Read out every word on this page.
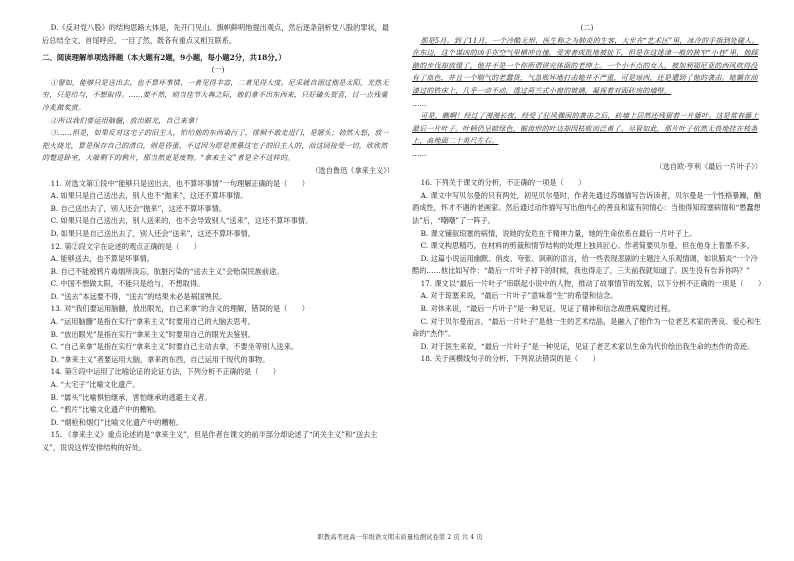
D.《反对党八股》的结构思路大体是，先开门见山、旗帜鲜明地提出观点，然后逐条剖析党八股的罪状，最后总结全文，首尾呼应，一目了然，既各有重点又相互联系。

二、阅读理解单项选择题（本大题有2题，9小题，每小题2分，共18分。）

(一)

①譬如，能够只是送出去，也不算坏事情，一者见得丰富，二者见得大度。尼采就自诩过他是太阳，光热无穷，只是给与，不想取得。……要不然，则当佳节大典之际，他们拿不出东西来，只好磕头贺喜，讨一点残羹冷炙做奖赏。

②所以我们要运用脑髓，放出眼光，自己来拿！

③……但是，如果反对这宅子的旧主人，怕给他的东西染污了，徘徊不敢走进门，是孱头；勃然大怒，放一把火烧光，算是保存自己的清白，则是昏蛋。不过因为原是羡慕这宅子的旧主人的，而这回接受一切，欣欣然的蹩进卧室，大吸剩下的鸦片，那当然更是废物。“拿来主义”者是全不这样的。

（选自鲁迅《拿来主义》）

11. 对选文第①段中“能够只是送出去，也不算坏事情”一句理解正确的是（　　）

A. 如果只是自己送出去，别人也不“抛来”，这还不算坏事情。

B. 自己送出去了，别人还会“抛来”，这还不算坏事情。

C. 如果只是自己送出去，别人送来的，也不会导致别人“送来”，这还不算坏事情。

D. 如果只是自己送出去了，别人还会“送来”，这还不算坏事情。

12. 第②段文字在论述的观点正确的是（　　）

A. 能够送去，也不算是坏事情。

B. 自己不能被鸦片毒烟所淡忘，肮脏污染的“送去主义”会贻误民族前途。

C. 中国不想做太阳，不能只是给与，不想取得。

D. “送去”本远要不得，“送去”的结果未必是祸国殃民。

13. 对“我们要运用脑髓，放出眼光，自己来拿”的含义的理解，错误的是（　　）

A. “运用脑髓”是指在实行“拿来主义”时要用自己的大脑去思考。

B. “放出眼光”是指在实行“拿来主义”时要用自己的眼光去鉴别。

C. “自己来拿”是指在实行“拿来主义”时要自己主动去拿，不要坐等别人送来。

D. “拿来主义”者要运用大脑，拿来的东西，自己运用于现代的事物。

14. 第③段中运用了比喻论证的论证方法，下列分析不正确的是（　　）

A. “大宅子”比喻文化遗产。

B. “孱头”比喻惧怕继承，害怕继承的逃避主义者。

C. “鸦片”比喻文化遗产中的糟粕。

D. “烟枪和烟灯”比喻文化遗产中的糟粕。

15. 《拿来主义》重点论述的是“拿来主义”，但是作者在课文的前半部分却论述了“闭关主义”和“送去主义”，说说这样安排结构的好处。

(二)

那是5月。到了11月，一个冷酷无形、医生称之为肺炎的生客，大步在“艺术区”里，冰冷的手指到处碰人。在东边，这个谋凶的凶手在空气里横冲直撞，受害者成批地被扯下，但是在这迷津一般的狭窄“小巷”里，他踩踏的步伐却放缓了。他并不是一个你所谓讲究体面的老绅士。一个小不点的女人，被加利福尼亚的西风吹得没有了血色，并且一个喘气的老蠢货，气急败坏地打击她并不严重，可是琼西，还是遭到了他的袭击。她躺在油漆过的铁床上，几乎一动不动，透过荷兰式小窗的玻璃，凝视着对面砖房的墙壁。

……

可是，瞧啊！经过了漫漫长夜，经受了狂风骤雨的袭击之后，砖墙上居然还残留着一片藤叶。这是常春藤上最后一片叶子。叶柄仍呈暗绿色，锯齿形的叶边却因枯败而泛黄了。尽管如此，那片叶子依然无畏地挂在枝条上，高地面二十英尺左右。

……

（选自欧·亨利《最后一片叶子》）

16. 下列关于课文的分析，不正确的一项是（　　）

A. 课文中写贝尔曼的只有两处，初见贝尔曼时，作者先通过苏珈描写告诉读者，贝尔曼是一个性格暴躁，酗酒成性，怀才不遇的老画家。然后通过动作描写写出他内心的善良和富有同情心：当他得知琼塞病情和“愚蠢想法”后，“嘲嘲”了一阵子。

B. 课文铺叙琼塞的病情，说她的安危在于精神力量，她的生命依系在最后一片叶子上。

C. 课文构思精巧，在材料的剪裁和情节结构的处理上独具匠心。作者简要贝尔曼，但在他身上着墨不多。

D. 这篇小说运用幽默、俏皮、夸张、讽刺的语言，给一些表现悲剧的主题注入乐观情调，如说肺炎“一个冷酷的……他比如写作：“最后一片叶子掉下的时候，我也得走了，三天前我就知道了。医生没有告诉你吗？”

17. 课文以“最后一片叶子”串联起小说中的人物，推动了故事情节的发展，以下分析不正确的一项是（　　）

A. 对于琼塞来说，“最后一片叶子”意味着“生”的希望和信念。

B. 对休来说，“最后一片叶子”是一种见证，见证了精神和信念战胜病魔的过程。

C. 对于贝尔曼而言，“最后一片叶子”是他一生的艺术结晶，是融入了他作为一位老艺术家的善良、爱心和生命的“杰作”。

D. 对于医生来说，“最后一片叶子”是一种见证，见证了老艺术家以生命为代价绘出我生命的杰作的奇迹。

18. 关于画横线句子的分析，下列说法错误的是（　　）

职教高考班高一年级语文期末质量检测试卷第 2 页 共 4 页
